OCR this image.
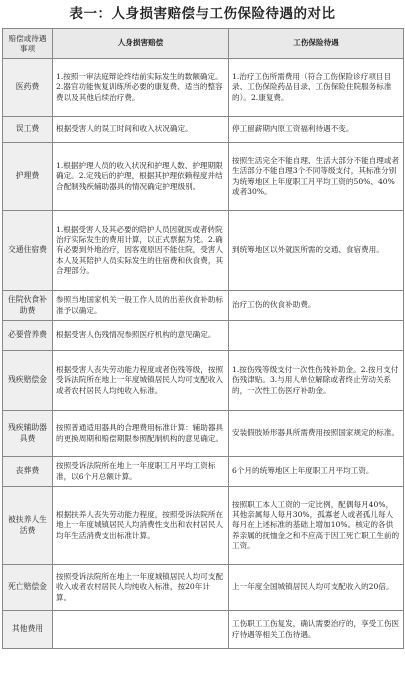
表一：人身损害赔偿与工伤保险待遇的对比
赔偿或待遇事项	人身损害赔偿	工伤保险待遇
医药费	1.按照一审法庭辩论终结前实际发生的数额确定。2.器官功能恢复训练所必要的康复费、适当的整容费以及其他后续治疗费。	1.治疗工伤所需费用（符合工伤保险诊疗项目目录、工伤保险药品目录、工伤保险住院服务标准的）。2.康复费。
误工费	根据受害人的误工时间和收入状况确定。	停工留薪期内原工资福利待遇不变。
护理费	1.根据护理人员的收入状况和护理人数、护理期限确定。2.定残后的护理，根据其护理依赖程度并结合配制残疾辅助器具的情况确定护理级别。	按照生活完全不能自理、生活大部分不能自理或者生活部分不能自理3个不同等级支付，其标准分别为统筹地区上年度职工月平均工资的50%、40%或者30%。
交通住宿费	1.根据受害人及其必要的陪护人员因就医或者转院治疗实际发生的费用计算，以正式票据为凭。2.确有必要到外地治疗，因客观原因不能住院，受害人本人及其陪护人员实际发生的住宿费和伙食费，其合理部分。	到统筹地区以外就医所需的交通、食宿费用。
住院伙食补助费	参照当地国家机关一般工作人员的出差伙食补助标准予以确定。	治疗工伤的伙食补助费。
必要营养费	根据受害人伤残情况参照医疗机构的意见确定。	
残疾赔偿金	根据受害人丧失劳动能力程度或者伤残等级，按照受诉法院所在地上一年度城镇居民人均可支配收入或者农村居民人均纯收入标准。	1.按伤残等级支付一次性伤残补助金。2.按月支付伤残津贴。3.与用人单位解除或者终止劳动关系的，一次性工伤医疗补助金。
残疾辅助器具费	按照普通适用器具的合理费用标准计算：辅助器具的更换周期和赔偿期限参照配制机构的意见确定。	安装假肢矫形器具所需费用按照国家规定的标准。
丧葬费	按照受诉法院所在地上一年度职工月平均工资标准，以6个月总额计算。	6个月的统筹地区上年度职工月平均工资。
被扶养人生活费	根据扶养人丧失劳动能力程度，按照受诉法院所在地上一年度城镇居民人均消费性支出和农村居民人均年生活消费支出标准计算。	按照职工本人工资的一定比例，配偶每月40%，其他亲属每人每月30%，孤寡老人或者孤儿每人每月在上述标准的基础上增加10%。核定的各供养亲属的抚恤金之和不应高于因工死亡职工生前的工资。
死亡赔偿金	按照受诉法院所在地上一年度城镇居民人均可支配收入或者农村居民人均纯收入标准，按20年计算。	上一年度全国城镇居民人均可支配收入的20倍。
其他费用		工伤职工工伤复发，确认需要治疗的，享受工伤医疗待遇等相关工伤待遇。
